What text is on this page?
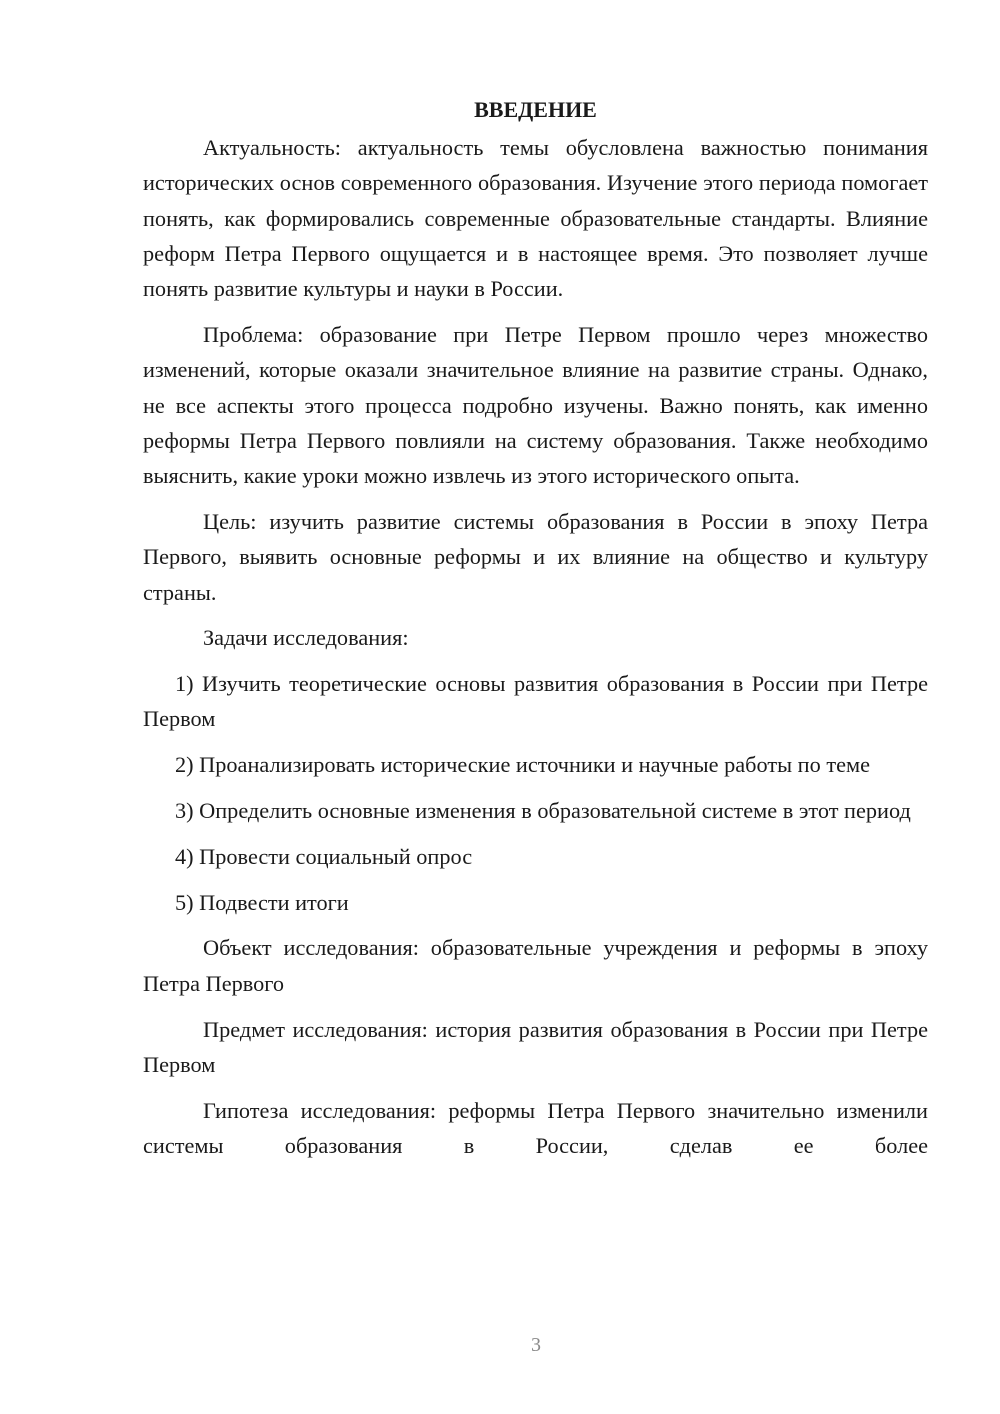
ВВЕДЕНИЕ

Актуальность: актуальность темы обусловлена важностью понимания исторических основ современного образования. Изучение этого периода помогает понять, как формировались современные образовательные стандарты. Влияние реформ Петра Первого ощущается и в настоящее время. Это позволяет лучше понять развитие культуры и науки в России.

Проблема: образование при Петре Первом прошло через множество изменений, которые оказали значительное влияние на развитие страны. Однако, не все аспекты этого процесса подробно изучены. Важно понять, как именно реформы Петра Первого повлияли на систему образования. Также необходимо выяснить, какие уроки можно извлечь из этого исторического опыта.

Цель: изучить развитие системы образования в России в эпоху Петра Первого, выявить основные реформы и их влияние на общество и культуру страны.

Задачи исследования:

1) Изучить теоретические основы развития образования в России при Петре Первом

2) Проанализировать исторические источники и научные работы по теме

3) Определить основные изменения в образовательной системе в этот период

4) Провести социальный опрос

5) Подвести итоги

Объект исследования: образовательные учреждения и реформы в эпоху Петра Первого

Предмет исследования: история развития образования в России при Петре Первом

Гипотеза исследования: реформы Петра Первого значительно изменили системы образования в России, сделав ее более

3
